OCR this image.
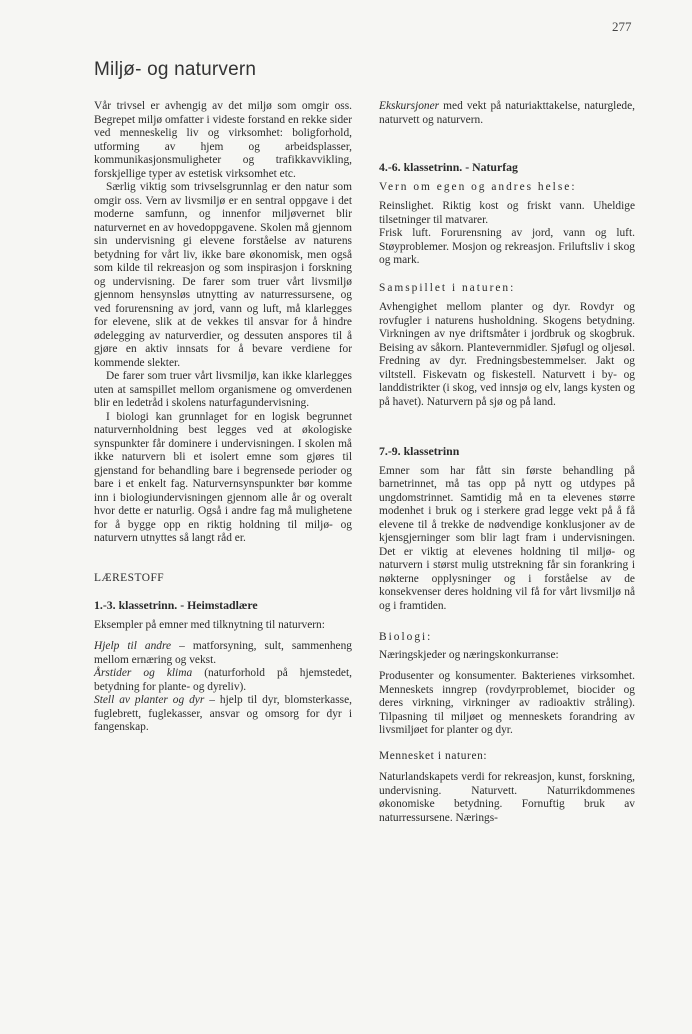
277
Miljø- og naturvern

Vår trivsel er avhengig av det miljø som omgir oss. Begrepet miljø omfatter i videste forstand en rekke sider ved menneskelig liv og virksomhet: boligforhold, utforming av hjem og arbeidsplasser, kommunikasjonsmuligheter og trafikkavvikling, forskjellige typer av estetisk virksomhet etc.

Særlig viktig som trivselsgrunnlag er den natur som omgir oss. Vern av livsmiljø er en sentral oppgave i det moderne samfunn, og innenfor miljøvernet blir naturvernet en av hovedoppgavene. Skolen må gjennom sin undervisning gi elevene forståelse av naturens betydning for vårt liv, ikke bare økonomisk, men også som kilde til rekreasjon og som inspirasjon i forskning og undervisning. De farer som truer vårt livsmiljø gjennom hensynsløs utnytting av naturressursene, og ved forurensning av jord, vann og luft, må klarlegges for elevene, slik at de vekkes til ansvar for å hindre ødelegging av naturverdier, og dessuten anspores til å gjøre en aktiv innsats for å bevare verdiene for kommende slekter.

De farer som truer vårt livsmiljø, kan ikke klarlegges uten at samspillet mellom organismene og omverdenen blir en ledetråd i skolens naturfagundervisning.

I biologi kan grunnlaget for en logisk begrunnet naturvernholdning best legges ved at økologiske synspunkter får dominere i undervisningen. I skolen må ikke naturvern bli et isolert emne som gjøres til gjenstand for behandling bare i begrensede perioder og bare i et enkelt fag. Naturvernsynspunkter bør komme inn i biologiundervisningen gjennom alle år og overalt hvor dette er naturlig. Også i andre fag må mulighetene for å bygge opp en riktig holdning til miljø- og naturvern utnyttes så langt råd er.

LÆRESTOFF
1.-3. klassetrinn. - Heimstadlære

Eksempler på emner med tilknytning til naturvern:

Hjelp til andre – matforsyning, sult, sammenheng mellom ernæring og vekst.

Årstider og klima (naturforhold på hjemstedet, betydning for plante- og dyreliv).

Stell av planter og dyr – hjelp til dyr, blomsterkasse, fuglebrett, fuglekasser, ansvar og omsorg for dyr i fangenskap.

Ekskursjoner med vekt på naturiakttakelse, naturglede, naturvett og naturvern.

4.-6. klassetrinn. - Naturfag
Vern om egen og andres helse:

Reinslighet. Riktig kost og friskt vann. Uheldige tilsetninger til matvarer.

Frisk luft. Forurensning av jord, vann og luft. Støyproblemer. Mosjon og rekreasjon. Friluftsliv i skog og mark.

Samspillet i naturen:

Avhengighet mellom planter og dyr. Rovdyr og rovfugler i naturens husholdning. Skogens betydning. Virkningen av nye driftsmåter i jordbruk og skogbruk. Beising av såkorn. Plantevernmidler. Sjøfugl og oljesøl. Fredning av dyr. Fredningsbestemmelser. Jakt og viltstell. Fiskevatn og fiskestell. Naturvett i by- og landdistrikter (i skog, ved innsjø og elv, langs kysten og på havet). Naturvern på sjø og på land.

7.-9. klassetrinn

Emner som har fått sin første behandling på barnetrinnet, må tas opp på nytt og utdypes på ungdomstrinnet. Samtidig må en ta elevenes større modenhet i bruk og i sterkere grad legge vekt på å få elevene til å trekke de nødvendige konklusjoner av de kjensgjerninger som blir lagt fram i undervisningen. Det er viktig at elevenes holdning til miljø- og naturvern i størst mulig utstrekning får sin forankring i nøkterne opplysninger og i forståelse av de konsekvenser deres holdning vil få for vårt livsmiljø nå og i framtiden.

Biologi:
Næringskjeder og næringskonkurranse:

Produsenter og konsumenter. Bakterienes virksomhet. Menneskets inngrep (rovdyrproblemet, biocider og deres virkning, virkninger av radioaktiv stråling). Tilpasning til miljøet og menneskets forandring av livsmiljøet for planter og dyr.

Mennesket i naturen:

Naturlandskapets verdi for rekreasjon, kunst, forskning, undervisning. Naturvett. Naturrikdommenes økonomiske betydning. Fornuftig bruk av naturressursene. Nærings-
